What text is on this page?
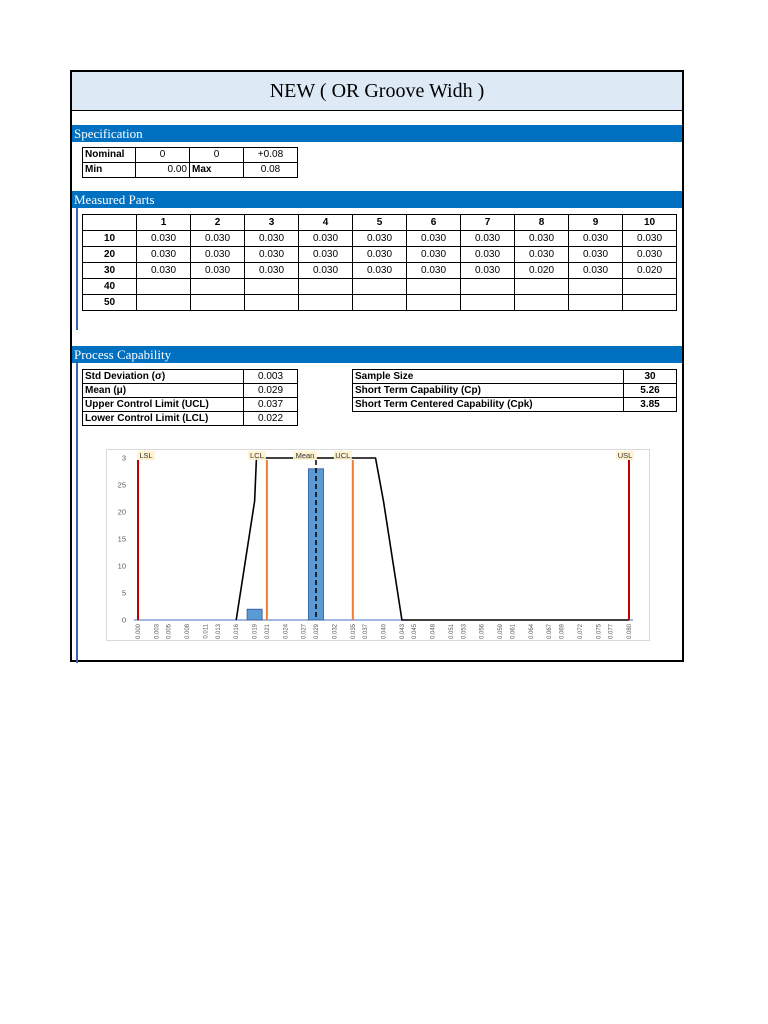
NEW ( OR Groove Widh )
Specification
Nominal	0	0	+0.08
Min	0.00	Max	0.08
Measured Parts
	1	2	3	4	5	6	7	8	9	10
10	0.030	0.030	0.030	0.030	0.030	0.030	0.030	0.030	0.030	0.030
20	0.030	0.030	0.030	0.030	0.030	0.030	0.030	0.030	0.030	0.030
30	0.030	0.030	0.030	0.030	0.030	0.030	0.030	0.020	0.030	0.020
40										
50										
Process Capability
Std Deviation (σ)	0.003
Mean (μ)	0.029
Upper Control Limit (UCL)	0.037
Lower Control Limit (LCL)	0.022
Sample Size	30
Short Term Capability (Cp)	5.26
Short Term Centered Capability (Cpk)	3.85
0
5
10
15
20
25
3
0.000 0.003 0.005 0.008 0.011 0.013 0.016 0.019 0.021 0.024 0.027 0.029 0.032 0.035 0.037 0.040 0.043 0.045 0.048 0.051 0.053 0.056 0.059 0.061 0.064 0.067 0.069 0.072 0.075 0.077 0.080
LSL	LCL	Mean	UCL	USL
